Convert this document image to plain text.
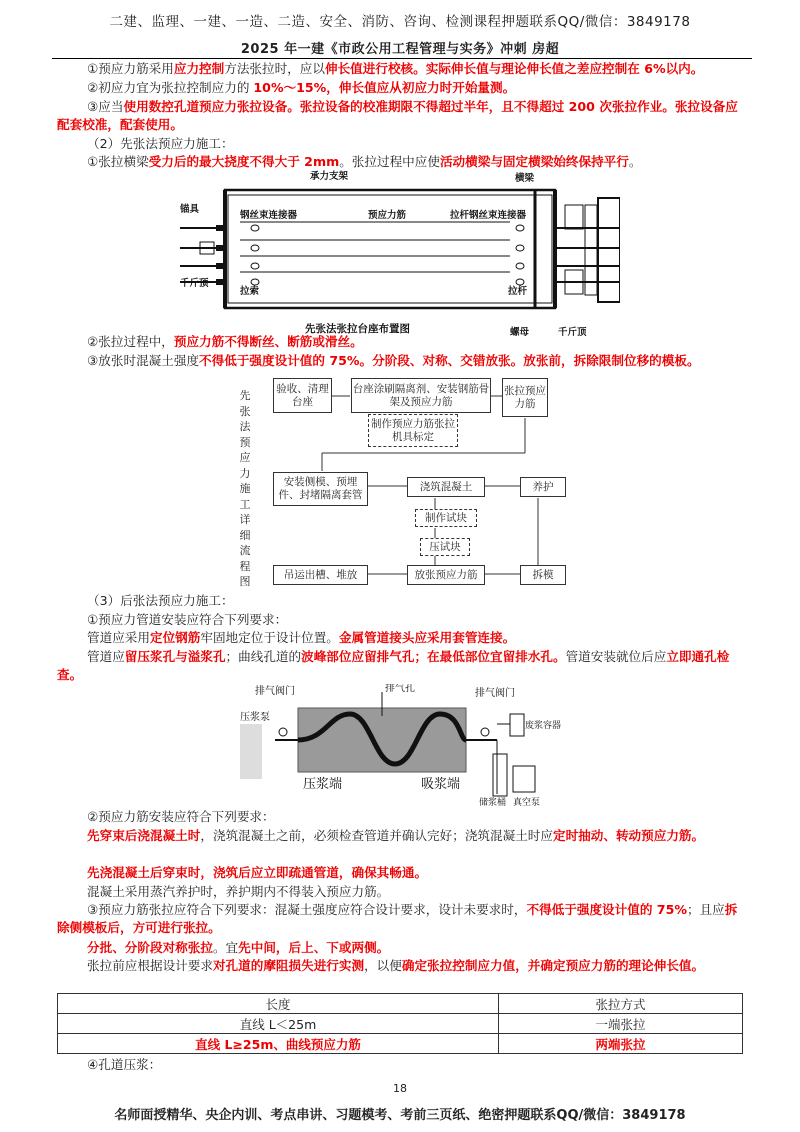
二建、监理、一建、一造、二造、安全、消防、咨询、检测课程押题联系QQ/微信：3849178
2025 年一建《市政公用工程管理与实务》冲刺 房超
①预应力筋采用应力控制方法张拉时，应以伸长值进行校核。实际伸长值与理论伸长值之差应控制在 6%以内。
②初应力宜为张拉控制应力的 10%～15%，伸长值应从初应力时开始量测。
③应当使用数控孔道预应力张拉设备。张拉设备的校准期限不得超过半年，且不得超过 200 次张拉作业。张拉设备应配套校准，配套使用。
（2）先张法预应力施工：
①张拉横梁受力后的最大挠度不得大于 2mm。张拉过程中应使活动横梁与固定横梁始终保持平行。
承力支架	横梁
锚具
钢丝束连接器	预应力筋	拉杆钢丝束连接器
千斤顶
拉索	拉杆
螺母	千斤顶
先张法张拉台座布置图
②张拉过程中，预应力筋不得断丝、断筋或滑丝。
③放张时混凝土强度不得低于强度设计值的 75%。分阶段、对称、交错放张。放张前，拆除限制位移的模板。
先张法预应力施工详细流程图
验收、清理台座
台座涂刷隔离剂、安装钢筋骨架及预应力筋
张拉预应力筋
制作预应力筋张拉机具标定
安装侧模、预埋件、封堵隔离套管
浇筑混凝土	养护
制作试块
压试块
吊运出槽、堆放	放张预应力筋	拆模
（3）后张法预应力施工：
①预应力管道安装应符合下列要求：
管道应采用定位钢筋牢固地定位于设计位置。金属管道接头应采用套管连接。
管道应留压浆孔与溢浆孔；曲线孔道的波峰部位应留排气孔；在最低部位宜留排水孔。管道安装就位后应立即通孔检查。
排气阀门	排气孔	排气阀门
压浆泵
压浆端	吸浆端
废浆容器
储浆桶 真空泵
②预应力筋安装应符合下列要求：
先穿束后浇混凝土时，浇筑混凝土之前，必须检查管道并确认完好；浇筑混凝土时应定时抽动、转动预应力筋。
先浇混凝土后穿束时，浇筑后应立即疏通管道，确保其畅通。
混凝土采用蒸汽养护时，养护期内不得装入预应力筋。
③预应力筋张拉应符合下列要求：混凝土强度应符合设计要求，设计未要求时，不得低于强度设计值的 75%；且应拆除侧模板后，方可进行张拉。
分批、分阶段对称张拉。宜先中间，后上、下或两侧。
张拉前应根据设计要求对孔道的摩阻损失进行实测，以便确定张拉控制应力值，并确定预应力筋的理论伸长值。
长度	张拉方式
直线 L＜25m	一端张拉
直线 L≥25m、曲线预应力筋	两端张拉
④孔道压浆：
18
名师面授精华、央企内训、考点串讲、习题模考、考前三页纸、绝密押题联系QQ/微信：3849178
